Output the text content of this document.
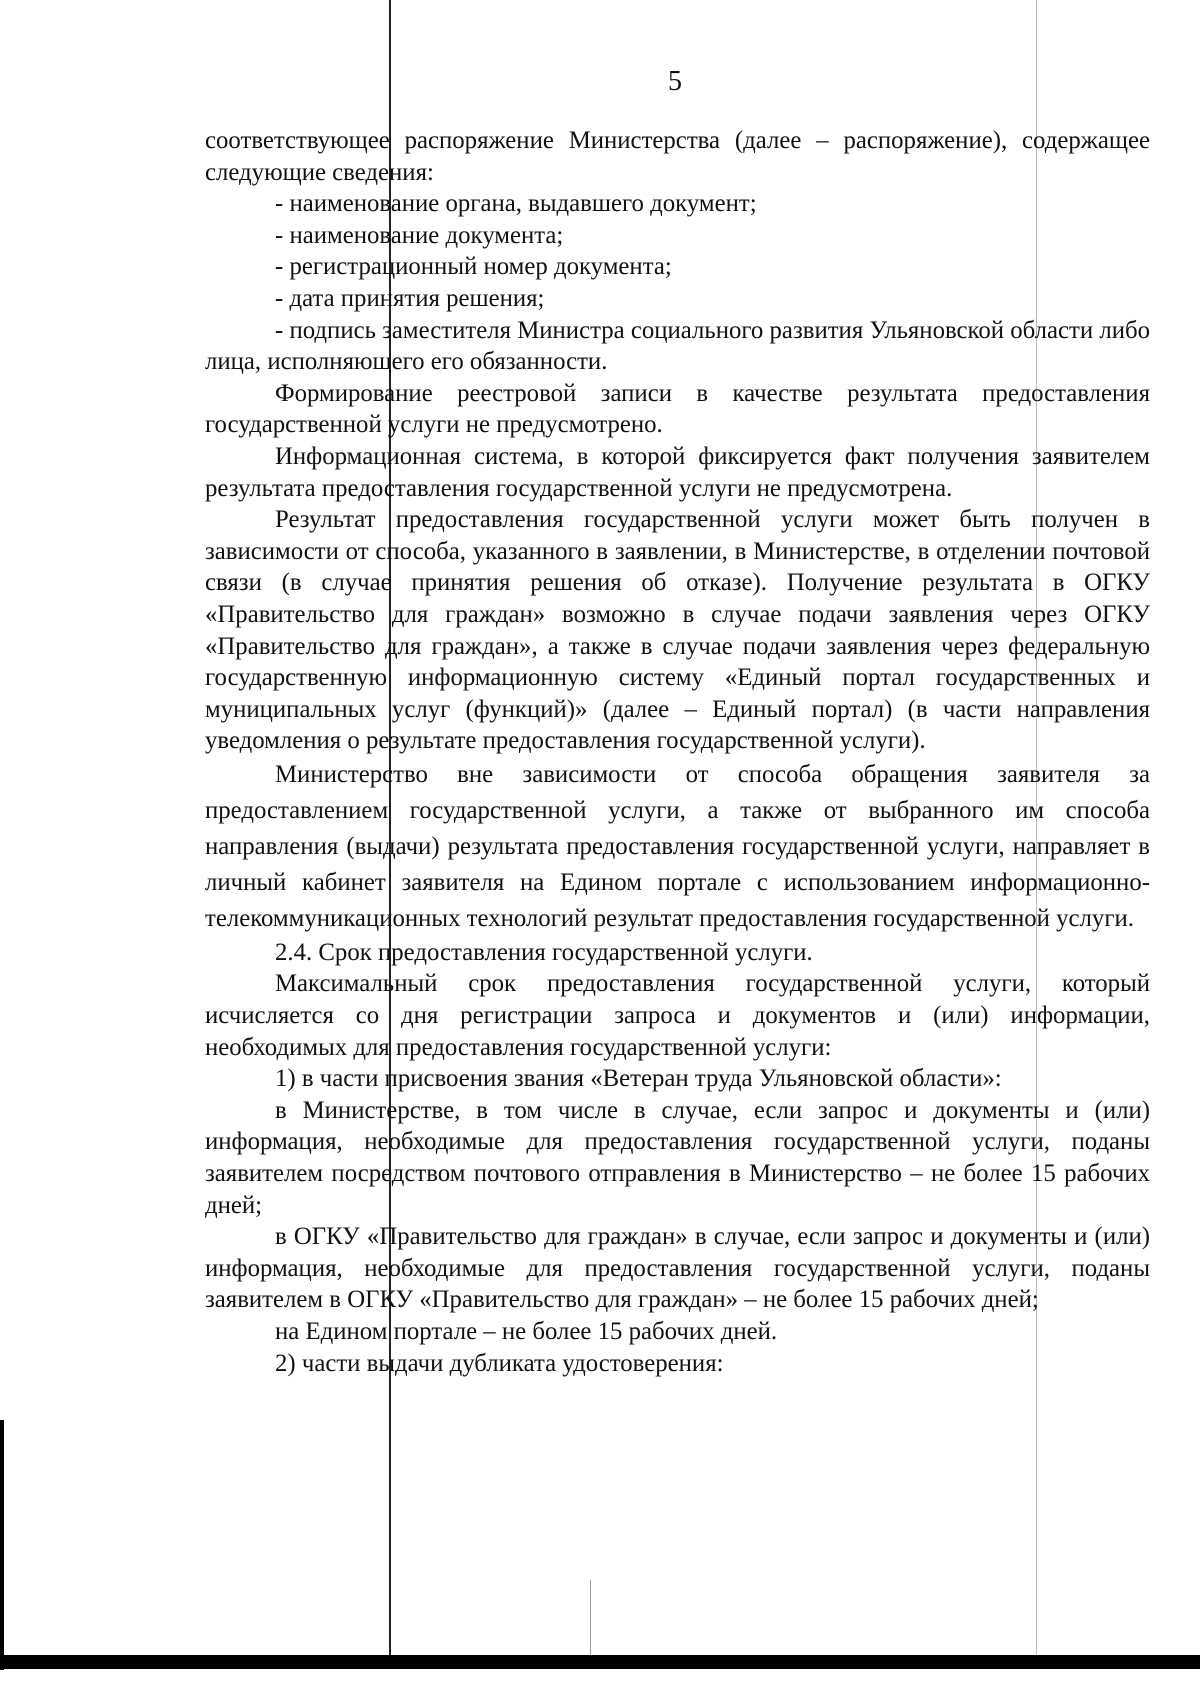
5

соответствующее распоряжение Министерства (далее – распоряжение), содержащее следующие сведения:

- наименование органа, выдавшего документ;

- наименование документа;

- регистрационный номер документа;

- дата принятия решения;

- подпись заместителя Министра социального развития Ульяновской области либо лица, исполняющего его обязанности.

Формирование реестровой записи в качестве результата предоставления государственной услуги не предусмотрено.

Информационная система, в которой фиксируется факт получения заявителем результата предоставления государственной услуги не предусмотрена.

Результат предоставления государственной услуги может быть получен в зависимости от способа, указанного в заявлении, в Министерстве, в отделении почтовой связи (в случае принятия решения об отказе). Получение результата в ОГКУ «Правительство для граждан» возможно в случае подачи заявления через ОГКУ «Правительство для граждан», а также в случае подачи заявления через федеральную государственную информационную систему «Единый портал государственных и муниципальных услуг (функций)» (далее – Единый портал) (в части направления уведомления о результате предоставления государственной услуги).

Министерство вне зависимости от способа обращения заявителя за предоставлением государственной услуги, а также от выбранного им способа направления (выдачи) результата предоставления государственной услуги, направляет в личный кабинет заявителя на Едином портале с использованием информационно-телекоммуникационных технологий результат предоставления государственной услуги.

2.4. Срок предоставления государственной услуги.

Максимальный срок предоставления государственной услуги, который исчисляется со дня регистрации запроса и документов и (или) информации, необходимых для предоставления государственной услуги:

1) в части присвоения звания «Ветеран труда Ульяновской области»:

в Министерстве, в том числе в случае, если запрос и документы и (или) информация, необходимые для предоставления государственной услуги, поданы заявителем посредством почтового отправления в Министерство – не более 15 рабочих дней;

в ОГКУ «Правительство для граждан» в случае, если запрос и документы и (или) информация, необходимые для предоставления государственной услуги, поданы заявителем в ОГКУ «Правительство для граждан» – не более 15 рабочих дней;

на Едином портале – не более 15 рабочих дней.

2) части выдачи дубликата удостоверения:
